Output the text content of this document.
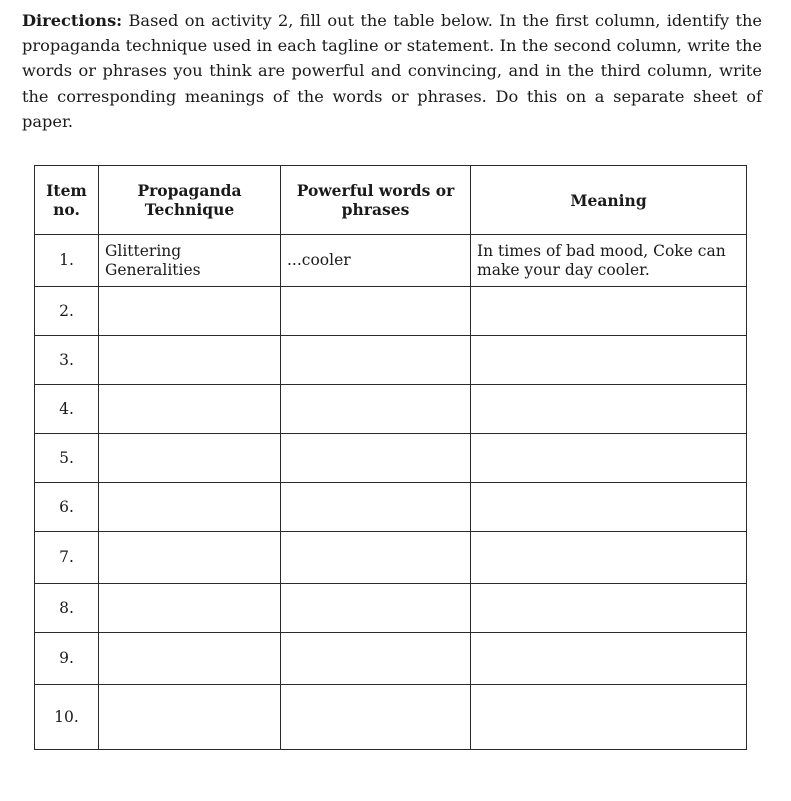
Directions: Based on activity 2, fill out the table below. In the first column, identify the propaganda technique used in each tagline or statement. In the second column, write the words or phrases you think are powerful and convincing, and in the third column, write the corresponding meanings of the words or phrases. Do this on a separate sheet of paper.

Item no.	Propaganda Technique	Powerful words or phrases	Meaning
1.	Glittering Generalities	...cooler	In times of bad mood, Coke can make your day cooler.
2.			
3.			
4.			
5.			
6.			
7.			
8.			
9.			
10.			
